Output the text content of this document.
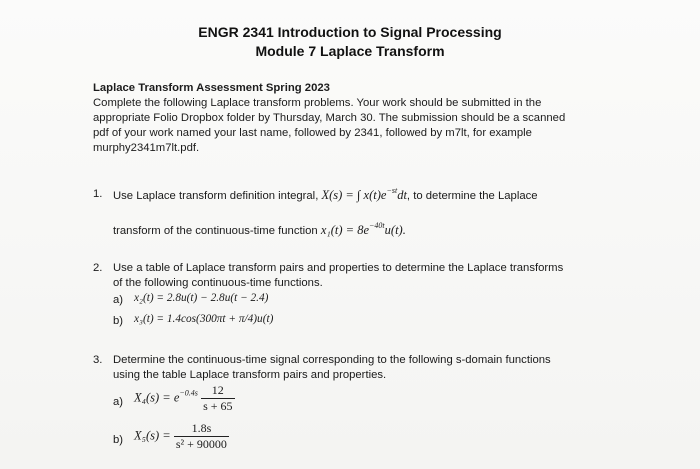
ENGR 2341 Introduction to Signal Processing
Module 7 Laplace Transform
Laplace Transform Assessment Spring 2023
Complete the following Laplace transform problems. Your work should be submitted in the
appropriate Folio Dropbox folder by Thursday, March 30. The submission should be a scanned
pdf of your work named your last name, followed by 2341, followed by m7lt, for example
murphy2341m7lt.pdf.
1. Use Laplace transform definition integral, X(s) = ∫ $x(t)e^{-st}dt$, to determine the Laplace
transform of the continuous-time function $x_1(t) = 8e^{-40t}u(t)$.
2. Use a table of Laplace transform pairs and properties to determine the Laplace transforms
of the following continuous-time functions.
a) x₂(t) = 2.8u(t) − 2.8u(t − 2.4)
b) x₃(t) = 1.4cos(300πt + π/4)u(t)
3. Determine the continuous-time signal corresponding to the following s-domain functions
using the table Laplace transform pairs and properties.
a) $X_4(s) = e^{-0.4s} \frac{12}{s + 65}$
b) $X_5(s) = \frac{1.8s}{\text{s² + 90000}}$
